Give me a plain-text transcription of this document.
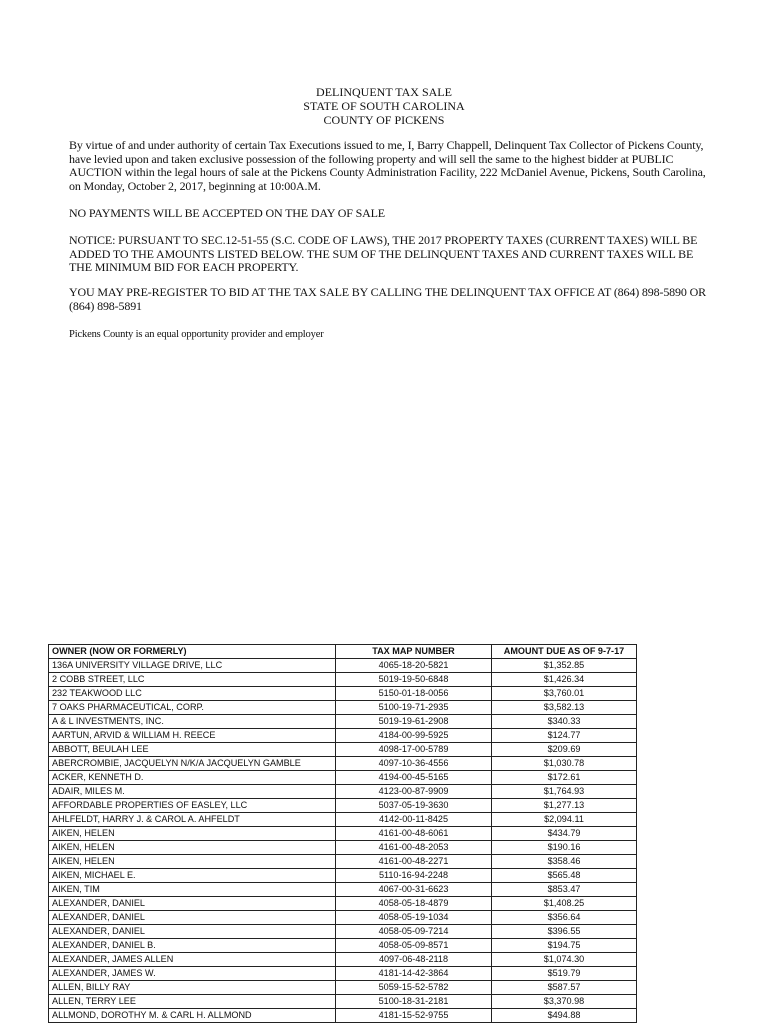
DELINQUENT TAX SALE
STATE OF SOUTH CAROLINA
COUNTY OF PICKENS
By virtue of and under authority of certain Tax Executions issued to me, I, Barry Chappell, Delinquent Tax Collector of Pickens County, have levied upon and taken exclusive possession of the following property and will sell the same to the highest bidder at PUBLIC AUCTION within the legal hours of sale at the Pickens County Administration Facility, 222 McDaniel Avenue, Pickens, South Carolina, on Monday, October 2, 2017, beginning at 10:00A.M.
NO PAYMENTS WILL BE ACCEPTED ON THE DAY OF SALE
NOTICE: PURSUANT TO SEC.12-51-55 (S.C. CODE OF LAWS), THE 2017 PROPERTY TAXES (CURRENT TAXES) WILL BE ADDED TO THE AMOUNTS LISTED BELOW. THE SUM OF THE DELINQUENT TAXES AND CURRENT TAXES WILL BE THE MINIMUM BID FOR EACH PROPERTY.
YOU MAY PRE-REGISTER TO BID AT THE TAX SALE BY CALLING THE DELINQUENT TAX OFFICE AT (864) 898-5890 OR (864) 898-5891
Pickens County is an equal opportunity provider and employer
OWNER (NOW OR FORMERLY)	TAX MAP NUMBER	AMOUNT DUE AS OF 9-7-17
136A UNIVERSITY VILLAGE DRIVE, LLC	4065-18-20-5821	$1,352.85
2 COBB STREET, LLC	5019-19-50-6848	$1,426.34
232 TEAKWOOD LLC	5150-01-18-0056	$3,760.01
7 OAKS PHARMACEUTICAL, CORP.	5100-19-71-2935	$3,582.13
A & L INVESTMENTS, INC.	5019-19-61-2908	$340.33
AARTUN, ARVID & WILLIAM H. REECE	4184-00-99-5925	$124.77
ABBOTT, BEULAH LEE	4098-17-00-5789	$209.69
ABERCROMBIE, JACQUELYN N/K/A JACQUELYN GAMBLE	4097-10-36-4556	$1,030.78
ACKER, KENNETH D.	4194-00-45-5165	$172.61
ADAIR, MILES M.	4123-00-87-9909	$1,764.93
AFFORDABLE PROPERTIES OF EASLEY, LLC	5037-05-19-3630	$1,277.13
AHLFELDT, HARRY J. & CAROL A. AHFELDT	4142-00-11-8425	$2,094.11
AIKEN, HELEN	4161-00-48-6061	$434.79
AIKEN, HELEN	4161-00-48-2053	$190.16
AIKEN, HELEN	4161-00-48-2271	$358.46
AIKEN, MICHAEL E.	5110-16-94-2248	$565.48
AIKEN, TIM	4067-00-31-6623	$853.47
ALEXANDER, DANIEL	4058-05-18-4879	$1,408.25
ALEXANDER, DANIEL	4058-05-19-1034	$356.64
ALEXANDER, DANIEL	4058-05-09-7214	$396.55
ALEXANDER, DANIEL B.	4058-05-09-8571	$194.75
ALEXANDER, JAMES ALLEN	4097-06-48-2118	$1,074.30
ALEXANDER, JAMES W.	4181-14-42-3864	$519.79
ALLEN, BILLY RAY	5059-15-52-5782	$587.57
ALLEN, TERRY LEE	5100-18-31-2181	$3,370.98
ALLMOND, DOROTHY M. & CARL H. ALLMOND	4181-15-52-9755	$494.88
